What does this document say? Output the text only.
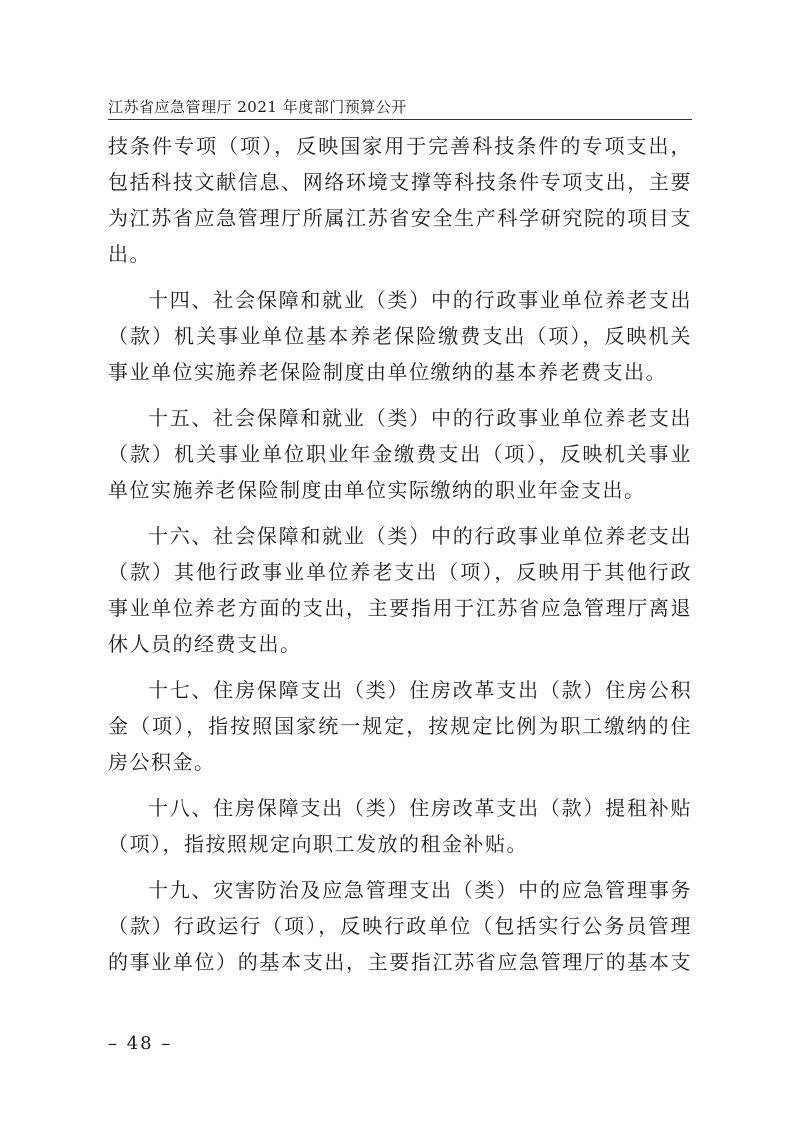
江苏省应急管理厅 2021 年度部门预算公开

技条件专项（项），反映国家用于完善科技条件的专项支出，
包括科技文献信息、网络环境支撑等科技条件专项支出，主要
为江苏省应急管理厅所属江苏省安全生产科学研究院的项目支
出。

十四、社会保障和就业（类）中的行政事业单位养老支出
（款）机关事业单位基本养老保险缴费支出（项），反映机关
事业单位实施养老保险制度由单位缴纳的基本养老费支出。

十五、社会保障和就业（类）中的行政事业单位养老支出
（款）机关事业单位职业年金缴费支出（项），反映机关事业
单位实施养老保险制度由单位实际缴纳的职业年金支出。

十六、社会保障和就业（类）中的行政事业单位养老支出
（款）其他行政事业单位养老支出（项），反映用于其他行政
事业单位养老方面的支出，主要指用于江苏省应急管理厅离退
休人员的经费支出。

十七、住房保障支出（类）住房改革支出（款）住房公积
金（项），指按照国家统一规定，按规定比例为职工缴纳的住
房公积金。

十八、住房保障支出（类）住房改革支出（款）提租补贴
（项），指按照规定向职工发放的租金补贴。

十九、灾害防治及应急管理支出（类）中的应急管理事务
（款）行政运行（项），反映行政单位（包括实行公务员管理
的事业单位）的基本支出，主要指江苏省应急管理厅的基本支

– 48 –
